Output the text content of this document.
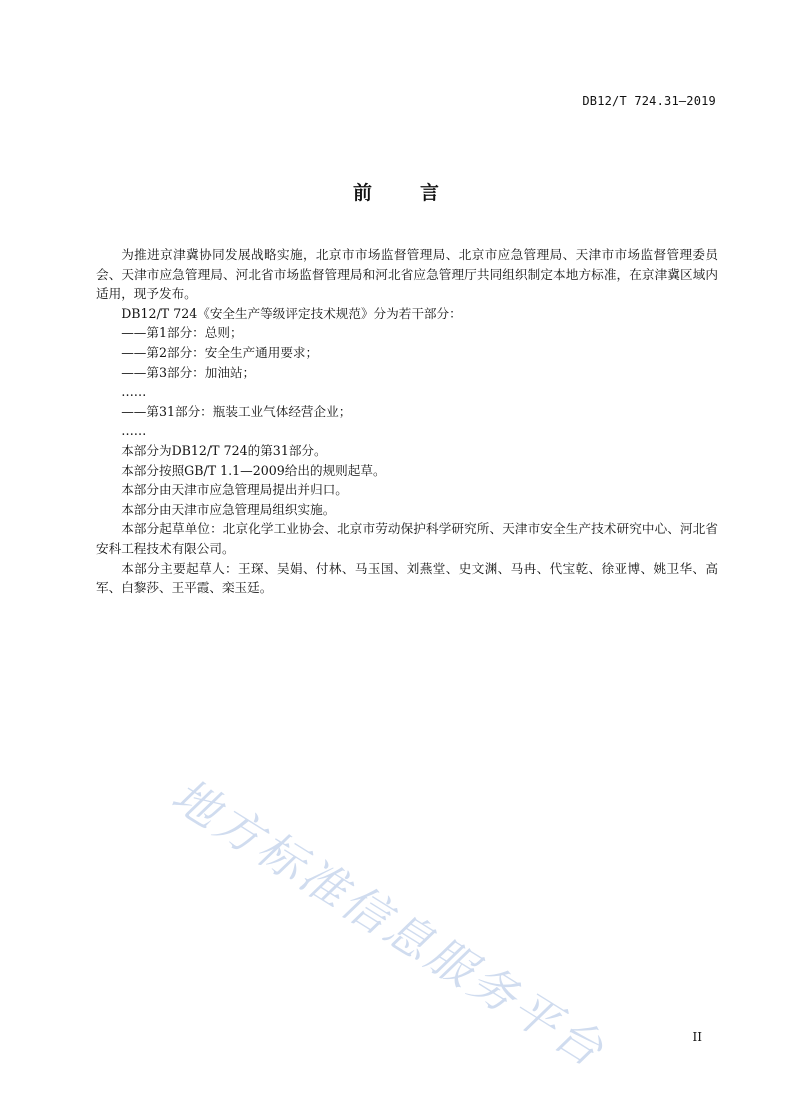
DB12/T 724.31—2019
前言

为推进京津冀协同发展战略实施，北京市市场监督管理局、北京市应急管理局、天津市市场监督管理委员会、天津市应急管理局、河北省市场监督管理局和河北省应急管理厅共同组织制定本地方标准，在京津冀区域内适用，现予发布。

DB12/T 724《安全生产等级评定技术规范》分为若干部分：

——第1部分：总则；

——第2部分：安全生产通用要求；

——第3部分：加油站；

……

——第31部分：瓶装工业气体经营企业；

……

本部分为DB12/T 724的第31部分。

本部分按照GB/T 1.1—2009给出的规则起草。

本部分由天津市应急管理局提出并归口。

本部分由天津市应急管理局组织实施。

本部分起草单位：北京化学工业协会、北京市劳动保护科学研究所、天津市安全生产技术研究中心、河北省安科工程技术有限公司。

本部分主要起草人：王琛、吴娟、付林、马玉国、刘燕堂、史文渊、马冉、代宝乾、徐亚博、姚卫华、高军、白黎莎、王平霞、栾玉廷。

地方标准信息服务平台	II
